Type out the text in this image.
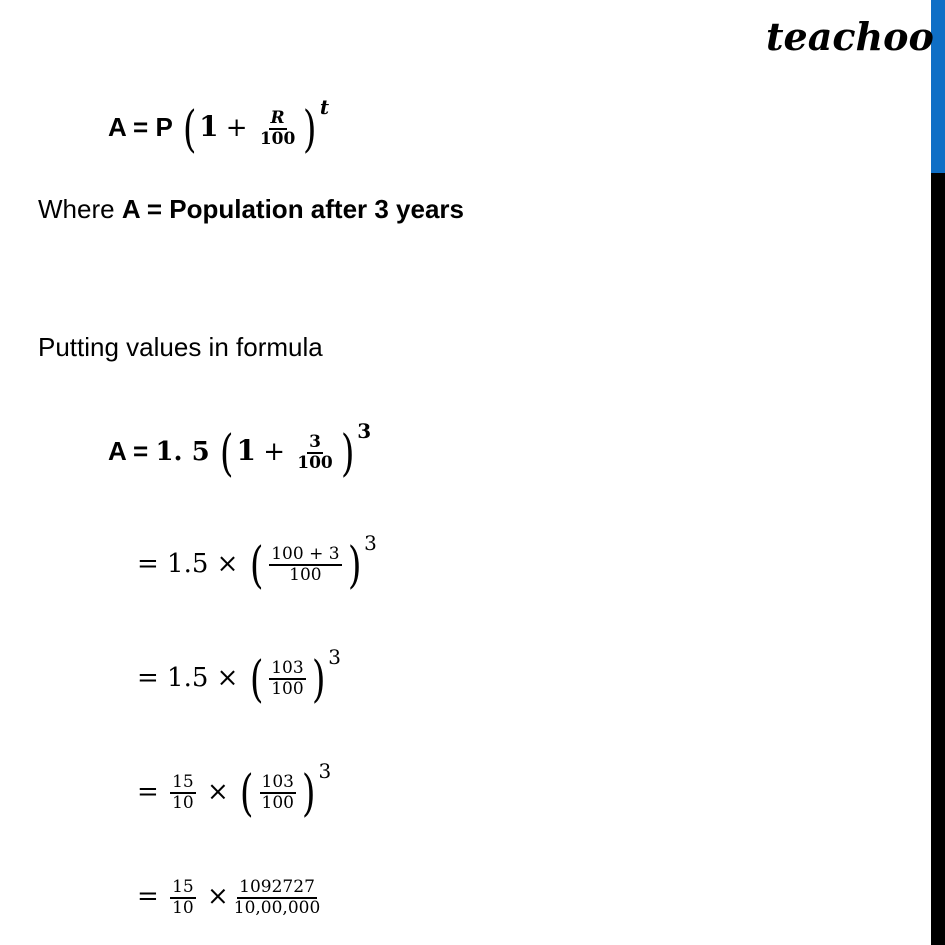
teachoo
A = P ( $1 + \frac{R}{100}$ ) $^t$
Where A = Population after 3 years
Putting values in formula
A = 1. 5 ( $1 + \frac{3}{100}$ ) $^3$
= 1.5 × ( $\frac{100 + 3}{100}$ ) $^3$
= 1.5 × ( $\frac{103}{100}$ ) $^3$
= $\frac{15}{10}$ × ( $\frac{103}{100}$ ) $^3$
= $\frac{15}{10} \times \frac{1092727}{10,00,000}$
